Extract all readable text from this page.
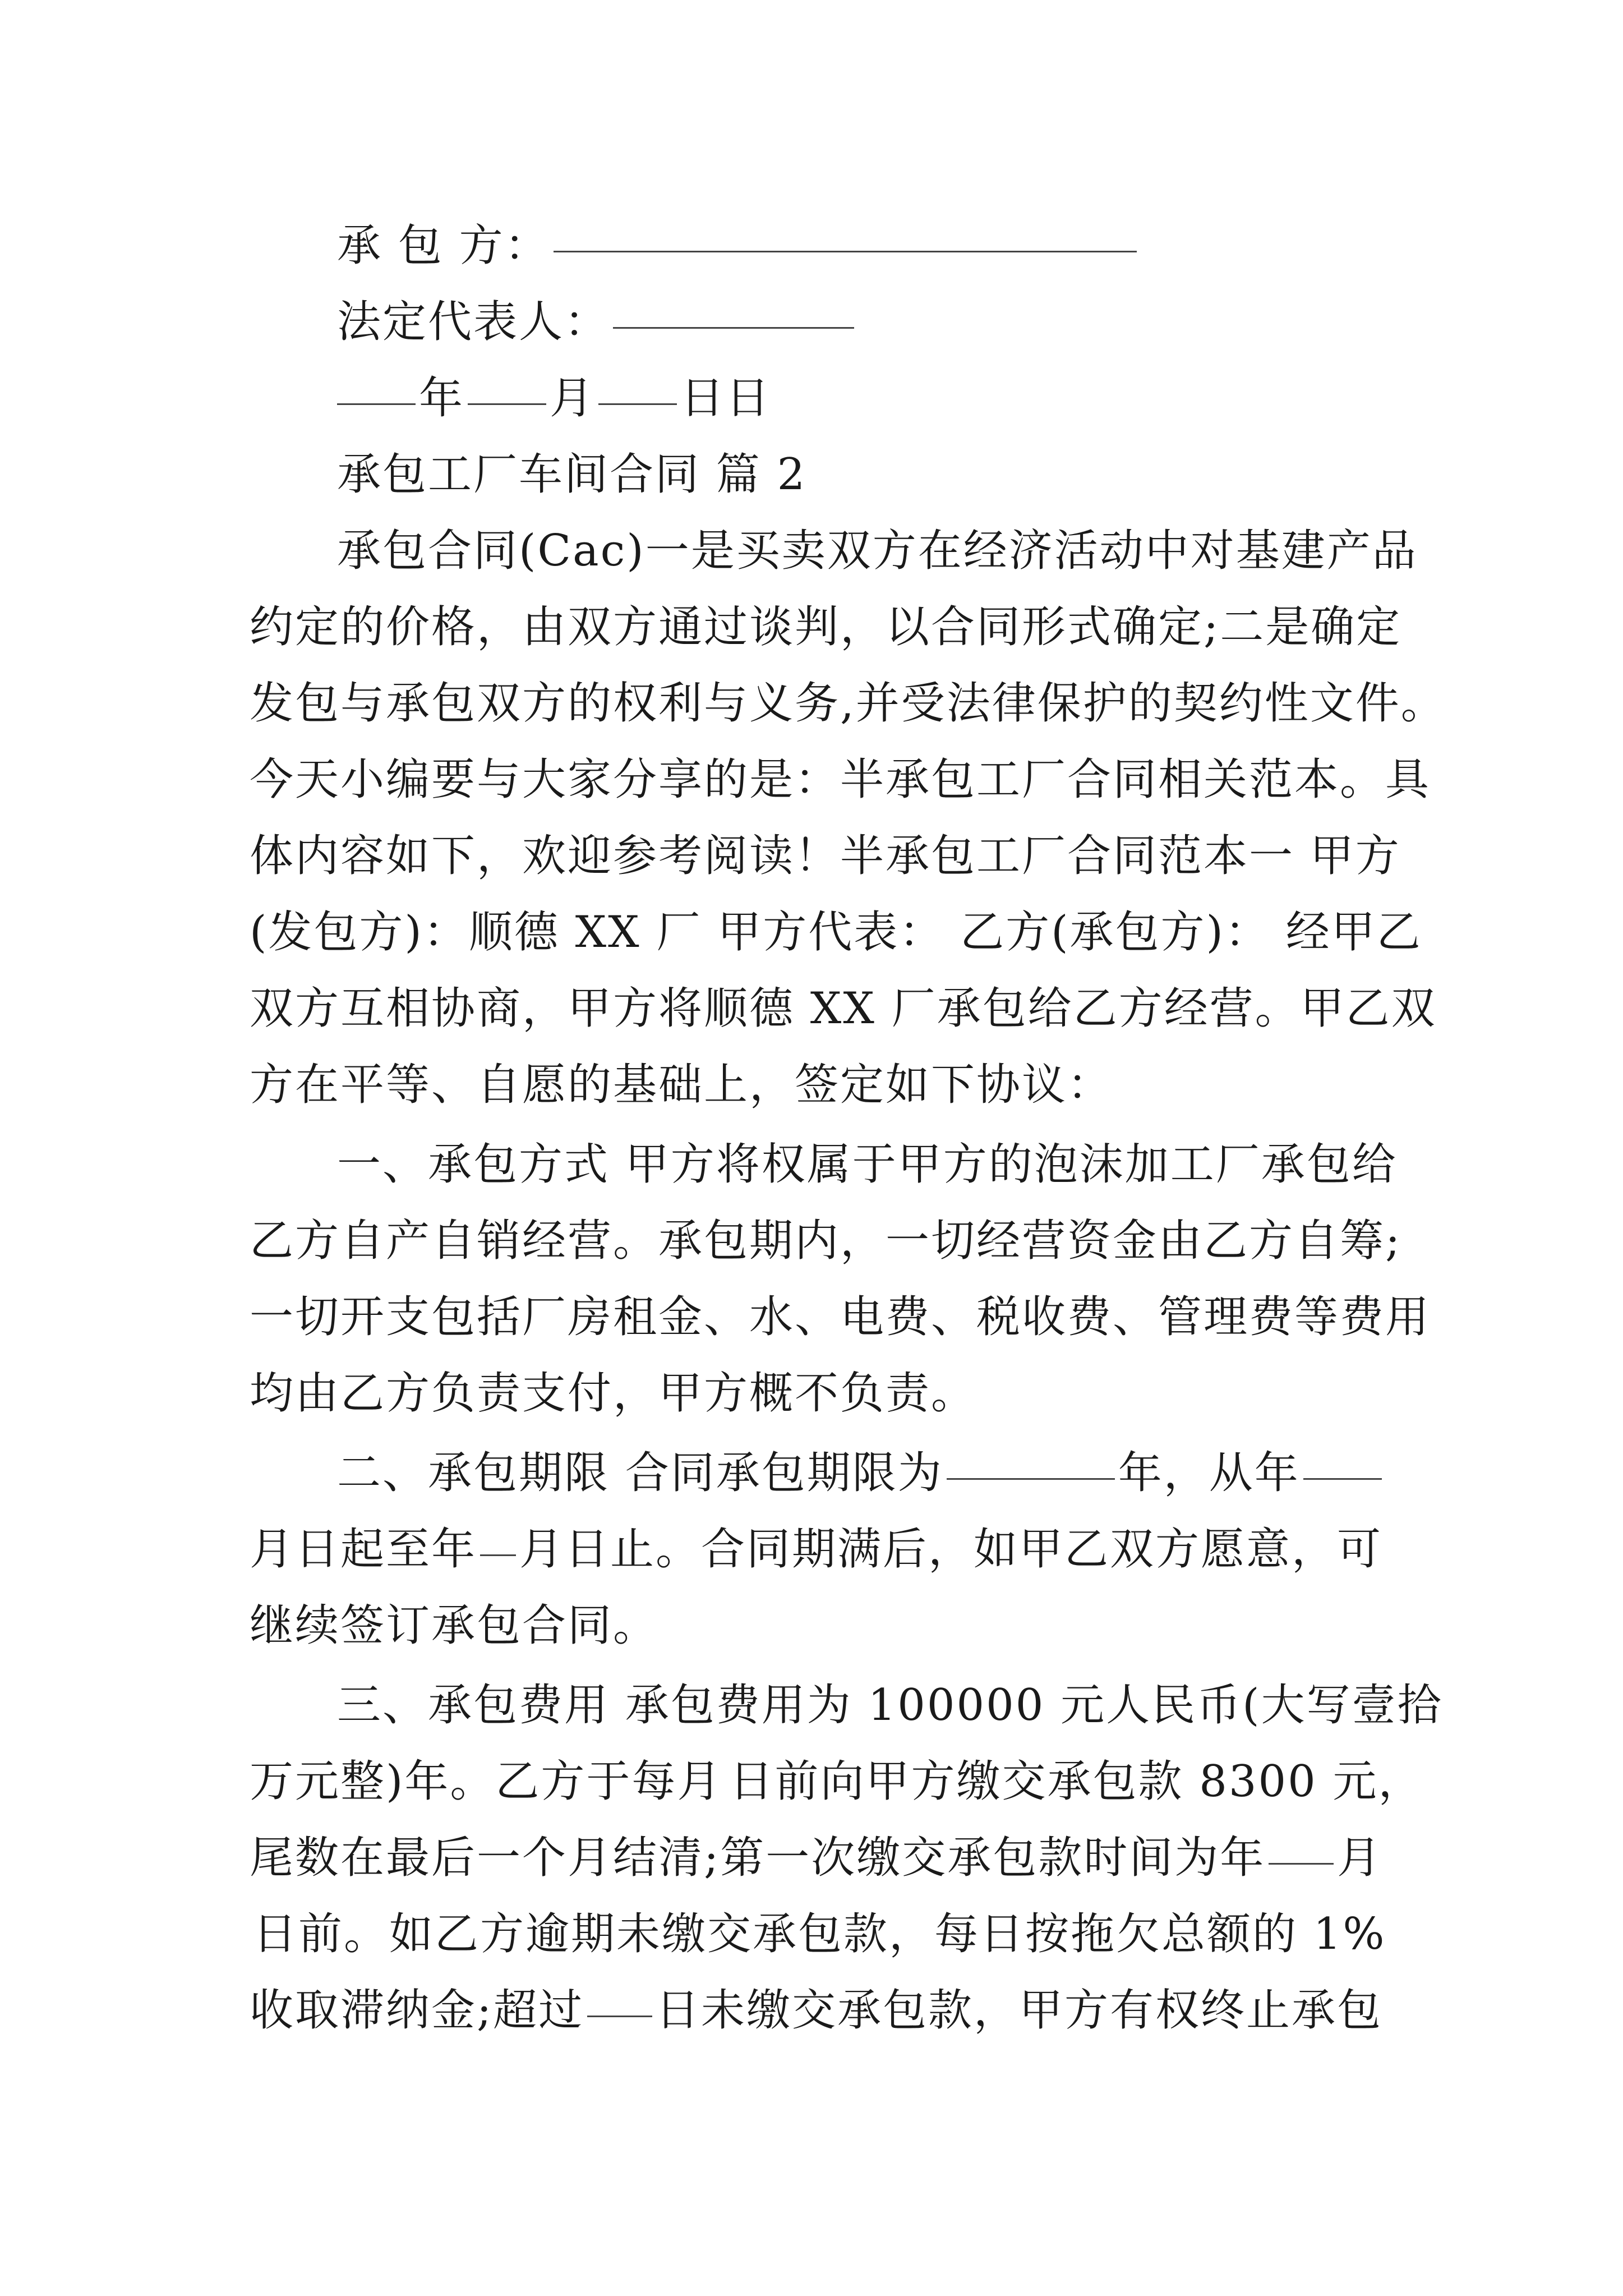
承 包 方：
法定代表人：
年 月 日日
承包工厂车间合同 篇 2
承包合同(Cac)一是买卖双方在经济活动中对基建产品
约定的价格，由双方通过谈判，以合同形式确定;二是确定
发包与承包双方的权利与义务,并受法律保护的契约性文件。
今天小编要与大家分享的是：半承包工厂合同相关范本。具
体内容如下，欢迎参考阅读！半承包工厂合同范本一 甲方
(发包方)：顺德 XX 厂 甲方代表： 乙方(承包方)： 经甲乙
双方互相协商，甲方将顺德 XX 厂承包给乙方经营。甲乙双
方在平等、自愿的基础上，签定如下协议：
一、承包方式 甲方将权属于甲方的泡沫加工厂承包给
乙方自产自销经营。承包期内，一切经营资金由乙方自筹;
一切开支包括厂房租金、水、电费、税收费、管理费等费用
均由乙方负责支付，甲方概不负责。
二、承包期限 合同承包期限为	年，从年
月日起至年 月日止。合同期满后，如甲乙双方愿意，可
继续签订承包合同。
三、承包费用 承包费用为 100000 元人民币(大写壹拾
万元整)年。乙方于每月 日前向甲方缴交承包款 8300 元，
尾数在最后一个月结清;第一次缴交承包款时间为年 月
日前。如乙方逾期未缴交承包款，每日按拖欠总额的 1%
收取滞纳金;超过 日未缴交承包款，甲方有权终止承包
